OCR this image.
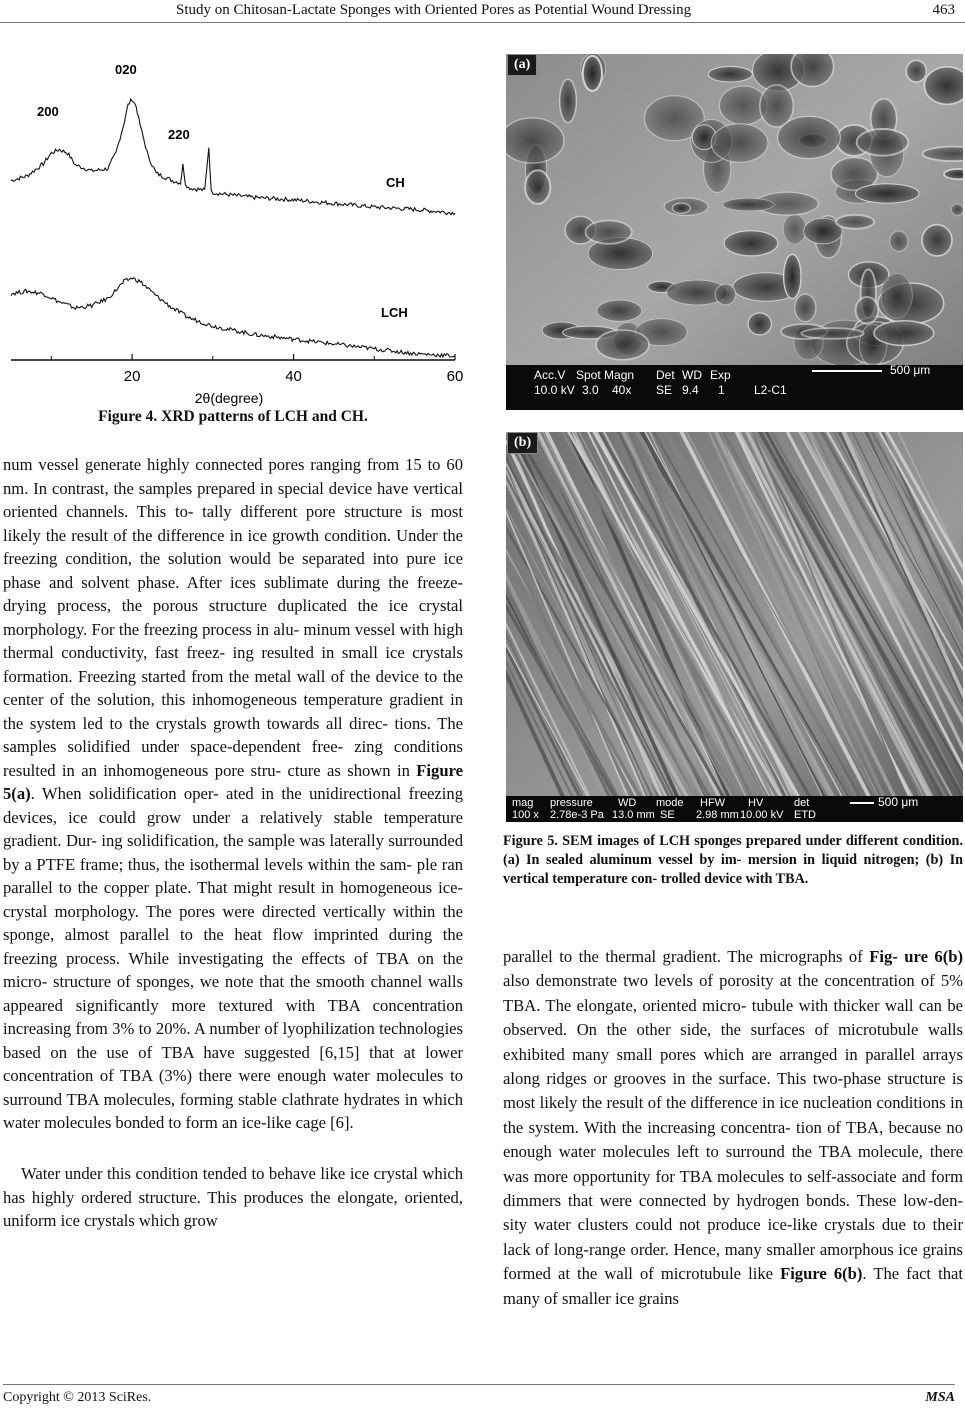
Study on Chitosan-Lactate Sponges with Oriented Pores as Potential Wound Dressing	463
200
020
220
CH
LCH
20	40	60
2θ(degree)
Figure 4. XRD patterns of LCH and CH.

num vessel generate highly connected pores ranging from 15 to 60 nm. In contrast, the samples prepared in special device have vertical oriented channels. This to- tally different pore structure is most likely the result of the difference in ice growth condition. Under the freezing condition, the solution would be separated into pure ice phase and solvent phase. After ices sublimate during the freeze-drying process, the porous structure duplicated the ice crystal morphology. For the freezing process in alu- minum vessel with high thermal conductivity, fast freez- ing resulted in small ice crystals formation. Freezing started from the metal wall of the device to the center of the solution, this inhomogeneous temperature gradient in the system led to the crystals growth towards all direc- tions. The samples solidified under space-dependent free- zing conditions resulted in an inhomogeneous pore stru- cture as shown in Figure 5(a). When solidification oper- ated in the unidirectional freezing devices, ice could grow under a relatively stable temperature gradient. Dur- ing solidification, the sample was laterally surrounded by a PTFE frame; thus, the isothermal levels within the sam- ple ran parallel to the copper plate. That might result in homogeneous ice-crystal morphology. The pores were directed vertically within the sponge, almost parallel to the heat flow imprinted during the freezing process. While investigating the effects of TBA on the micro- structure of sponges, we note that the smooth channel walls appeared significantly more textured with TBA concentration increasing from 3% to 20%. A number of lyophilization technologies based on the use of TBA have suggested [6,15] that at lower concentration of TBA (3%) there were enough water molecules to surround TBA molecules, forming stable clathrate hydrates in which water molecules bonded to form an ice-like cage [6].

Water under this condition tended to behave like ice crystal which has highly ordered structure. This produces the elongate, oriented, uniform ice crystals which grow

(a)
Acc.V Spot Magn Det WD Exp
10.0 kV 3.0 40x SE 9.4 1 L2-C1
500 μm
(b)
mag pressure WD mode HFW HV	det
100 x 2.78e-3 Pa 13.0 mm SE 2.98 mm 10.00 kV ETD
500 μm
Figure 5. SEM images of LCH sponges prepared under different condition. (a) In sealed aluminum vessel by im- mersion in liquid nitrogen; (b) In vertical temperature con- trolled device with TBA.

parallel to the thermal gradient. The micrographs of Fig- ure 6(b) also demonstrate two levels of porosity at the concentration of 5% TBA. The elongate, oriented micro- tubule with thicker wall can be observed. On the other side, the surfaces of microtubule walls exhibited many small pores which are arranged in parallel arrays along ridges or grooves in the surface. This two-phase structure is most likely the result of the difference in ice nucleation conditions in the system. With the increasing concentra- tion of TBA, because no enough water molecules left to surround the TBA molecule, there was more opportunity for TBA molecules to self-associate and form dimmers that were connected by hydrogen bonds. These low-den- sity water clusters could not produce ice-like crystals due to their lack of long-range order. Hence, many smaller amorphous ice grains formed at the wall of microtubule like Figure 6(b). The fact that many of smaller ice grains

Copyright © 2013 SciRes.	MSA
